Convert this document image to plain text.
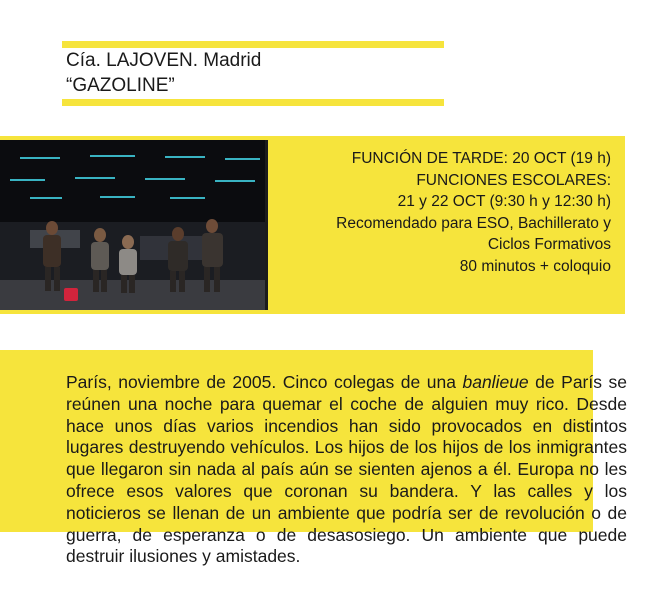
Cía. LAJOVEN. Madrid
“GAZOLINE”
FUNCIÓN DE TARDE: 20 OCT (19 h)
FUNCIONES ESCOLARES:
21 y 22 OCT (9:30 h y 12:30 h)
Recomendado para ESO, Bachillerato y
Ciclos Formativos
80 minutos + coloquio
París, noviembre de 2005. Cinco colegas de una banlieue de París se reúnen una noche para quemar el coche de alguien muy rico. Desde hace unos días varios incendios han sido provocados en distintos lugares destruyendo vehículos. Los hijos de los hijos de los inmigrantes que llegaron sin nada al país aún se sienten ajenos a él. Europa no les ofrece esos valores que coronan su bandera. Y las calles y los noticieros se llenan de un ambiente que podría ser de revolución o de guerra, de esperanza o de desasosiego. Un ambiente que puede destruir ilusiones y amistades.
